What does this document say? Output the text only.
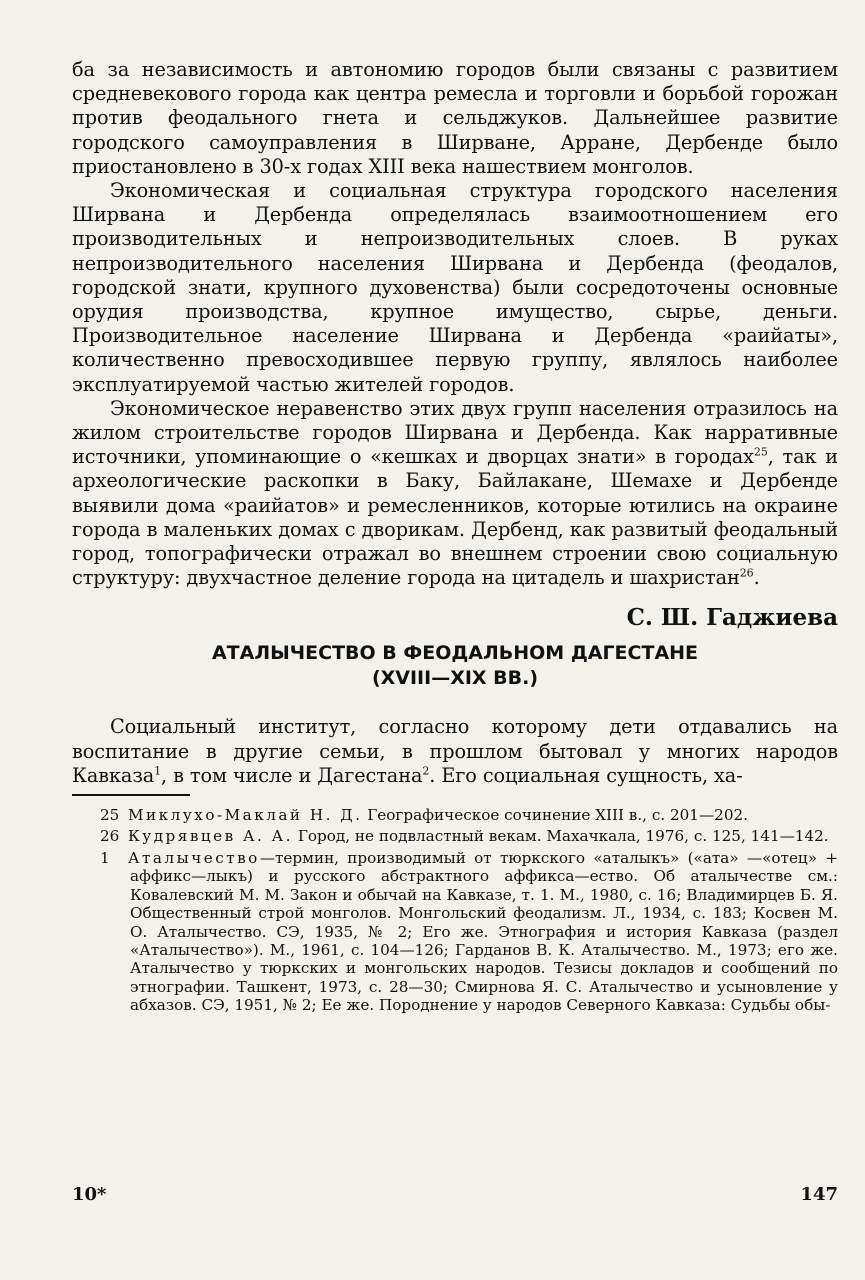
ба за независимость и автономию городов были связаны с развитием средневекового города как центра ремесла и торговли и борьбой горожан против феодального гнета и сельджуков. Дальнейшее развитие городского самоуправления в Ширване, Арране, Дербенде было приостановлено в 30-х годах XIII века нашествием монголов.

Экономическая и социальная структура городского населения Ширвана и Дербенда определялась взаимоотношением его производительных и непроизводительных слоев. В руках непроизводительного населения Ширвана и Дербенда (феодалов, городской знати, крупного духовенства) были сосредоточены основные орудия производства, крупное имущество, сырье, деньги. Производительное население Ширвана и Дербенда «раийаты», количественно превосходившее первую группу, являлось наиболее эксплуатируемой частью жителей городов.

Экономическое неравенство этих двух групп населения отразилось на жилом строительстве городов Ширвана и Дербенда. Как нарративные источники, упоминающие о «кешках и дворцах знати» в городах$^{25}$, так и археологические раскопки в Баку, Байлакане, Шемахе и Дербенде выявили дома «раийатов» и ремесленников, которые ютились на окраине города в маленьких домах с дворикам. Дербенд, как развитый феодальный город, топографически отражал во внешнем строении свою социальную структуру: двухчастное деление города на цитадель и шахристан$^{26}$.

С. Ш. Гаджиева
АТАЛЫЧЕСТВО В ФЕОДАЛЬНОМ ДАГЕСТАНЕ
(XVIII—XIX ВВ.)

Социальный институт, согласно которому дети отдавались на воспитание в другие семьи, в прошлом бытовал у многих народов Кавказа$^1$, в том числе и Дагестана$^2$. Его социальная сущность, ха-

25 Миклухо-Маклай Н. Д. Географическое сочинение XIII в., с. 201—202.

26 Кудрявцев А. А. Город, не подвластный векам. Махачкала, 1976, с. 125, 141—142.

1 Аталычество—термин, производимый от тюркского «аталыкъ» («ата» —«отец» + аффикс—лыкъ) и русского абстрактного аффикса—ество. Об аталычестве см.: Ковалевский М. М. Закон и обычай на Кавказе, т. 1. М., 1980, с. 16; Владимирцев Б. Я. Общественный строй монголов. Монгольский феодализм. Л., 1934, с. 183; Косвен М. О. Аталычество. СЭ, 1935, № 2; Его же. Этнография и история Кавказа (раздел «Аталычество»). М., 1961, с. 104—126; Гарданов В. К. Аталычество. М., 1973; его же. Аталычество у тюркских и монгольских народов. Тезисы докладов и сообщений по этнографии. Ташкент, 1973, с. 28—30; Смирнова Я. С. Аталычество и усыновление у абхазов. СЭ, 1951, № 2; Ее же. Породнение у народов Северного Кавказа: Судьбы обы-

10*	147
